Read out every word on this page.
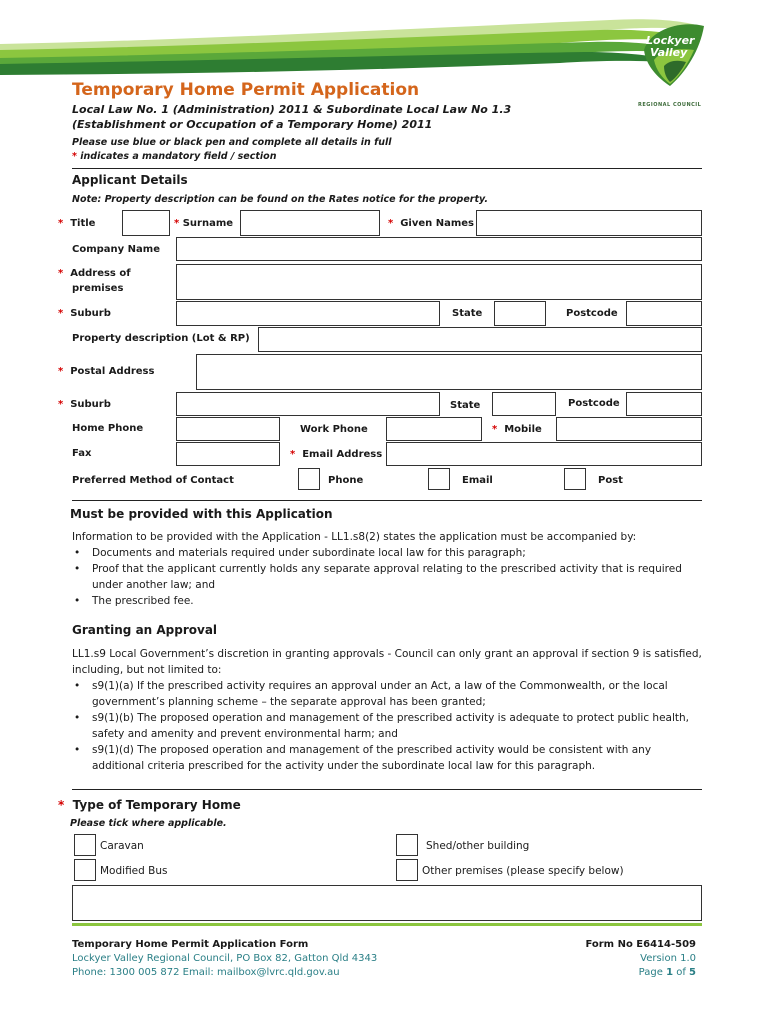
Lockyer
Valley
REGIONAL COUNCIL
Temporary Home Permit Application
Local Law No. 1 (Administration) 2011 & Subordinate Local Law No 1.3 (Establishment or Occupation of a Temporary Home) 2011
Please use blue or black pen and complete all details in full
* indicates a mandatory field / section
Applicant Details
Note: Property description can be found on the Rates notice for the property.
* Title	* Surname	* Given Names
Company Name
* Address of
premises
* Suburb	State	Postcode
Property description (Lot & RP)
* Postal Address
* Suburb	State	Postcode
Home Phone	Work Phone	* Mobile
Fax	* Email Address
Preferred Method of Contact	Phone	Email	Post
Must be provided with this Application
Information to be provided with the Application - LL1.s8(2) states the application must be accompanied by:
• Documents and materials required under subordinate local law for this paragraph;
• Proof that the applicant currently holds any separate approval relating to the prescribed activity that is required under another law; and
• The prescribed fee.
Granting an Approval
LL1.s9 Local Government’s discretion in granting approvals - Council can only grant an approval if section 9 is satisfied, including, but not limited to:
• s9(1)(a) If the prescribed activity requires an approval under an Act, a law of the Commonwealth, or the local government’s planning scheme – the separate approval has been granted;
• s9(1)(b) The proposed operation and management of the prescribed activity is adequate to protect public health, safety and amenity and prevent environmental harm; and
• s9(1)(d) The proposed operation and management of the prescribed activity would be consistent with any additional criteria prescribed for the activity under the subordinate local law for this paragraph.
* Type of Temporary Home
Please tick where applicable.
Caravan	Shed/other building
Modified Bus	Other premises (please specify below)
Temporary Home Permit Application Form
Lockyer Valley Regional Council, PO Box 82, Gatton Qld 4343
Phone: 1300 005 872 Email: mailbox@lvrc.qld.gov.au
Form No E6414-509
Version 1.0
Page 1 of 5
